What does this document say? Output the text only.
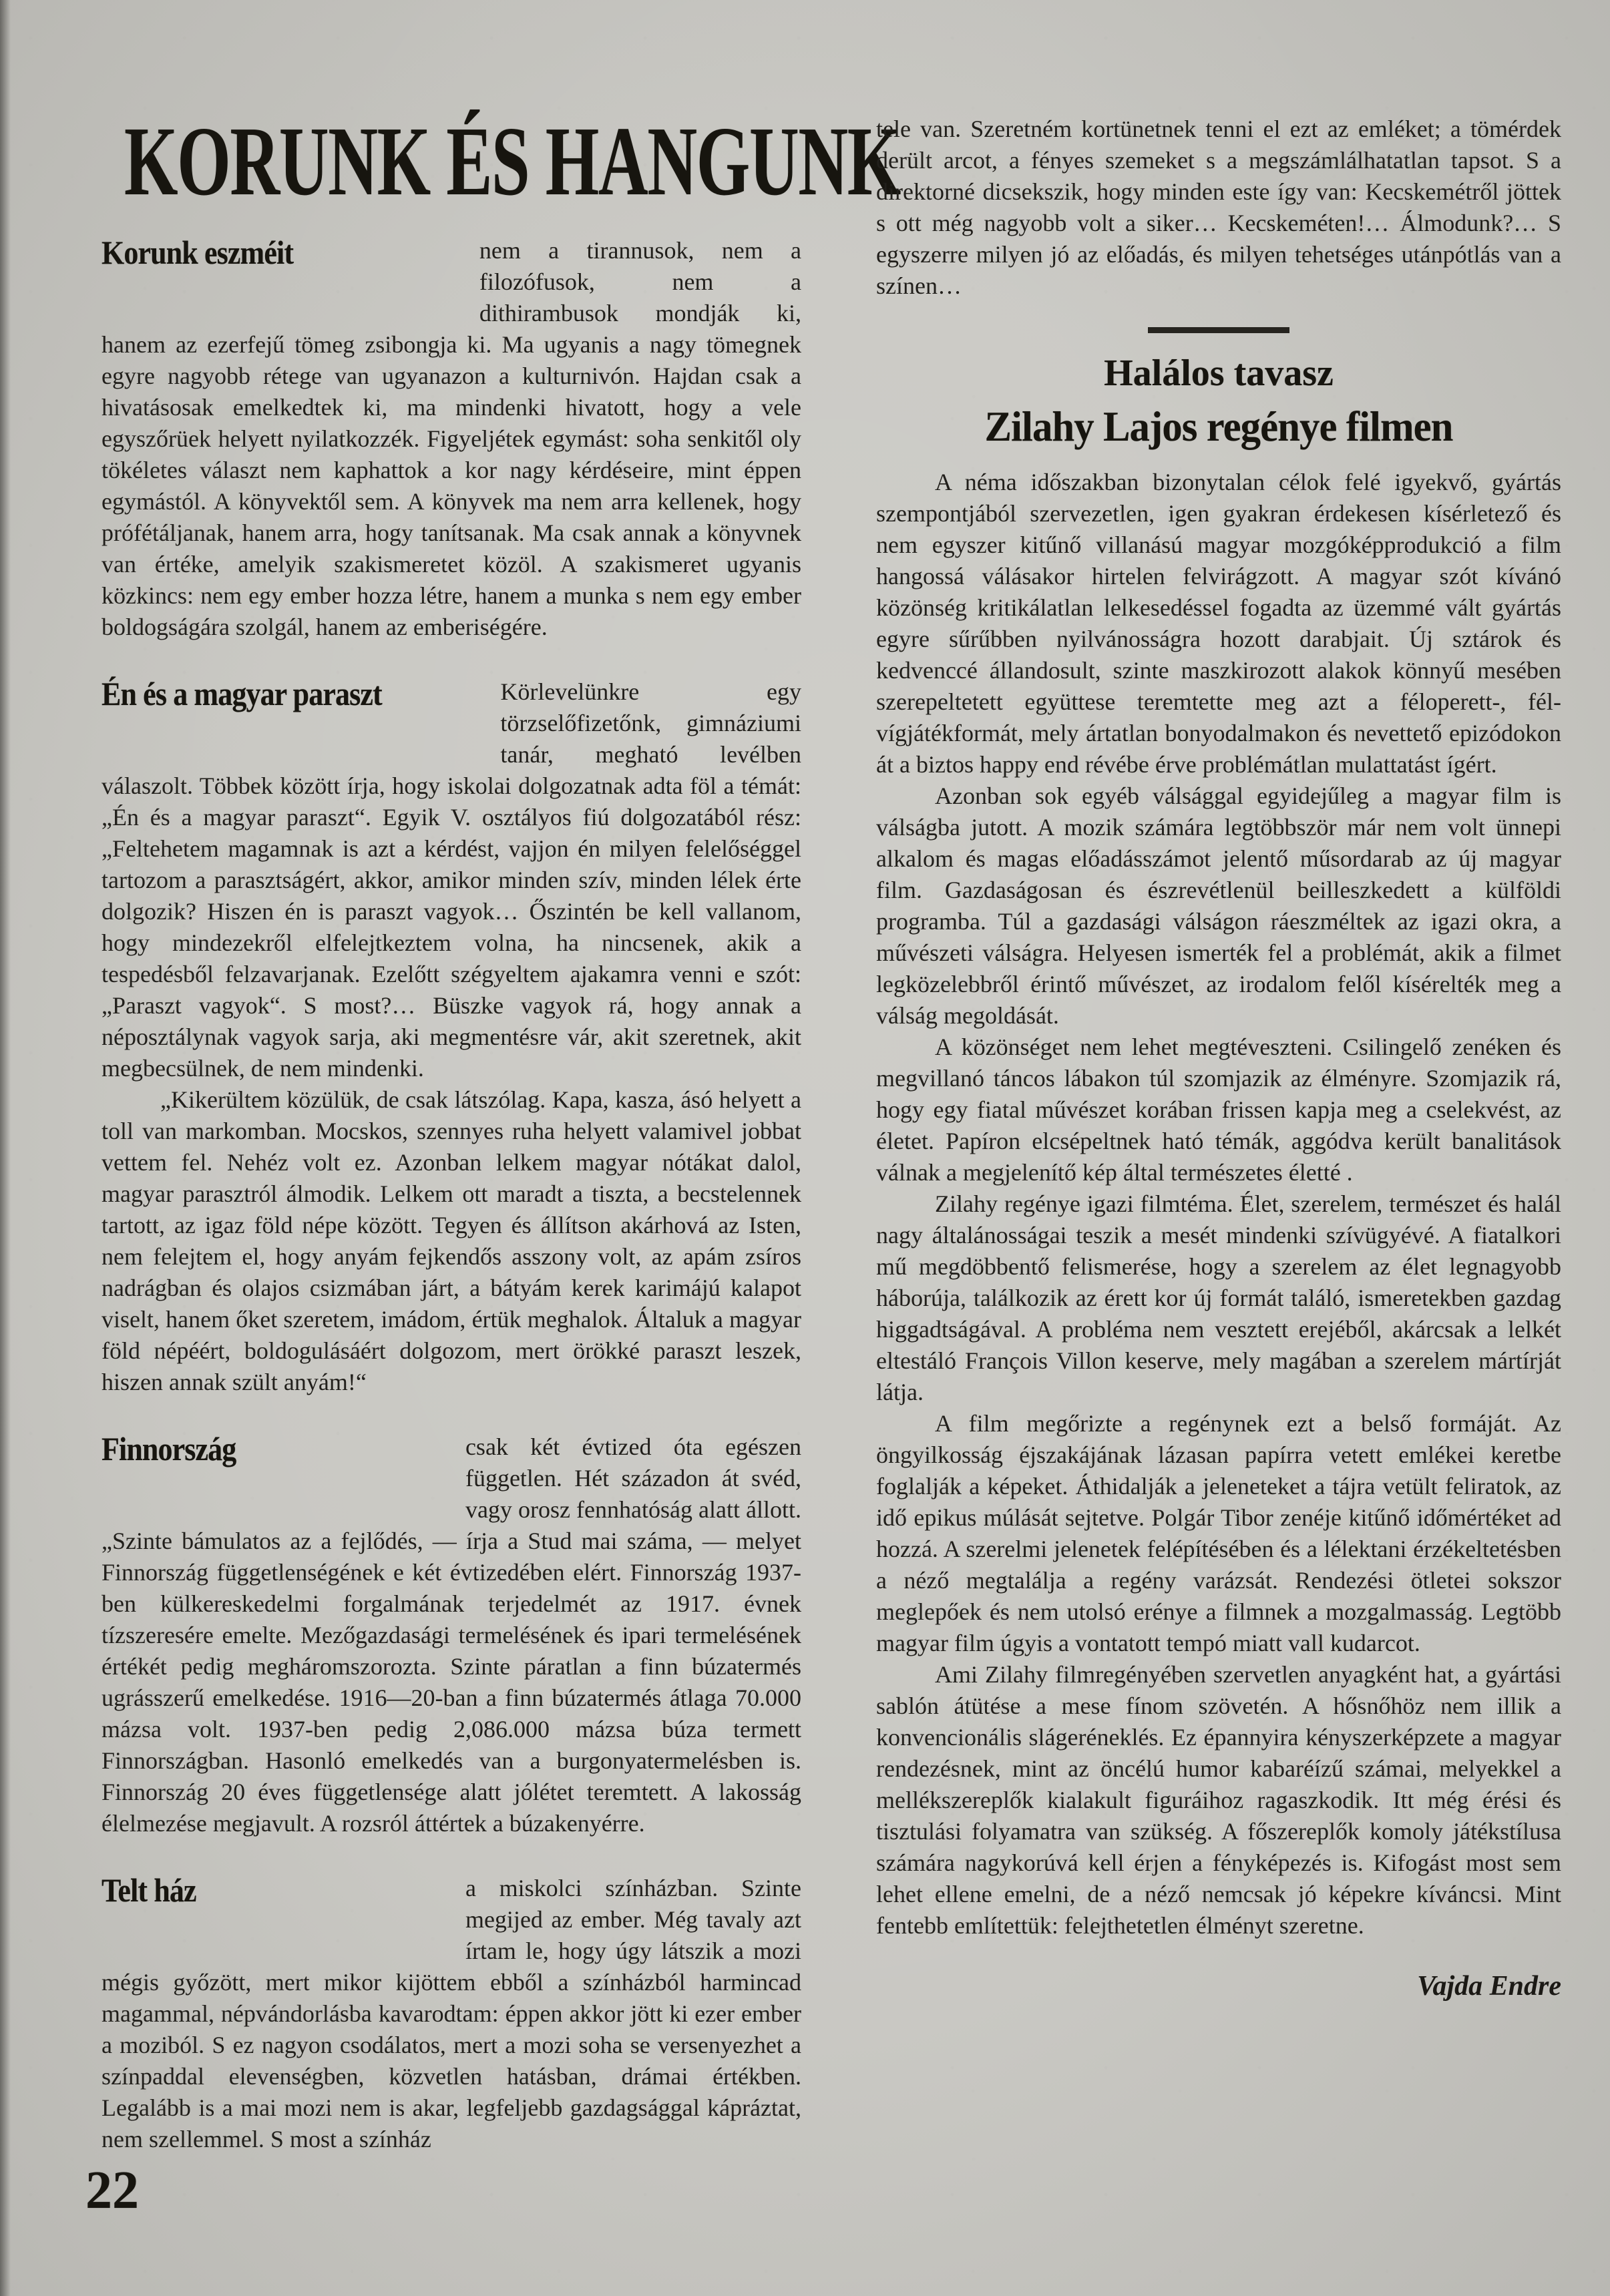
KORUNK ÉS HANGUNK
Korunk eszméit	nem a tirannusok, nem a filozófusok, nem a dithirambusok mondják ki, hanem az ezerfejű tömeg zsibongja ki. Ma ugyanis a nagy tömegnek egyre nagyobb rétege van ugyanazon a kulturnivón. Hajdan csak a hivatásosak emelkedtek ki, ma mindenki hivatott, hogy a vele egyszőrüek helyett nyilatkozzék. Figyeljétek egymást: soha senkitől oly tökéletes választ nem kaphattok a kor nagy kérdéseire, mint éppen egymástól. A könyvektől sem. A könyvek ma nem arra kellenek, hogy prófétáljanak, hanem arra, hogy tanítsanak. Ma csak annak a könyvnek van értéke, amelyik szakismeretet közöl. A szakismeret ugyanis közkincs: nem egy ember hozza létre, hanem a munka s nem egy ember boldogságára szolgál, hanem az emberiségére.

Én és a magyar paraszt	Körlevelünkre egy törzselőfizetőnk, gimnáziumi tanár, megható levélben válaszolt. Többek között írja, hogy iskolai dolgozatnak adta föl a témát: „Én és a magyar paraszt“. Egyik V. osztályos fiú dolgozatából rész: „Feltehetem magamnak is azt a kérdést, vajjon én milyen felelőséggel tartozom a parasztságért, akkor, amikor minden szív, minden lélek érte dolgozik? Hiszen én is paraszt vagyok… Őszintén be kell vallanom, hogy mindezekről elfelejtkeztem volna, ha nincsenek, akik a tespedésből felzavarjanak. Ezelőtt szégyeltem ajakamra venni e szót: „Paraszt vagyok“. S most?… Büszke vagyok rá, hogy annak a néposztálynak vagyok sarja, aki megmentésre vár, akit szeretnek, akit megbecsülnek, de nem mindenki.

„Kikerültem közülük, de csak látszólag. Kapa, kasza, ásó helyett a toll van markomban. Mocskos, szennyes ruha helyett valamivel jobbat vettem fel. Nehéz volt ez. Azonban lelkem magyar nótákat dalol, magyar parasztról álmodik. Lelkem ott maradt a tiszta, a becstelennek tartott, az igaz föld népe között. Tegyen és állítson akárhová az Isten, nem felejtem el, hogy anyám fejkendős asszony volt, az apám zsíros nadrágban és olajos csizmában járt, a bátyám kerek karimájú kalapot viselt, hanem őket szeretem, imádom, értük meghalok. Általuk a magyar föld népéért, boldogulásáért dolgozom, mert örökké paraszt leszek, hiszen annak szült anyám!“

Finnország	csak két évtized óta egészen független. Hét századon át svéd, vagy orosz fennhatóság alatt állott. „Szinte bámulatos az a fejlődés, — írja a Stud mai száma, — melyet Finnország függetlenségének e két évtizedében elért. Finnország 1937-ben külkereskedelmi forgalmának terjedelmét az 1917. évnek tízszeresére emelte. Mezőgazdasági termelésének és ipari termelésének értékét pedig megháromszorozta. Szinte páratlan a finn búzatermés ugrásszerű emelkedése. 1916—20-ban a finn búzatermés átlaga 70.000 mázsa volt. 1937-ben pedig 2,086.000 mázsa búza termett Finnországban. Hasonló emelkedés van a burgonyatermelésben is. Finnország 20 éves függetlensége alatt jólétet teremtett. A lakosság élelmezése megjavult. A rozsról áttértek a búzakenyérre.

Telt ház	a miskolci színházban. Szinte megijed az ember. Még tavaly azt írtam le, hogy úgy látszik a mozi mégis győzött, mert mikor kijöttem ebből a színházból harmincad magammal, népvándorlásba kavarodtam: éppen akkor jött ki ezer ember a moziból. S ez nagyon csodálatos, mert a mozi soha se versenyezhet a színpaddal elevenségben, közvetlen hatásban, drámai értékben. Legalább is a mai mozi nem is akar, legfeljebb gazdagsággal kápráztat, nem szellemmel. S most a színház

tele van. Szeretném kortünetnek tenni el ezt az emléket; a tömérdek derült arcot, a fényes szemeket s a megszámlálhatatlan tapsot. S a direktorné dicsekszik, hogy minden este így van: Kecskemétről jöttek s ott még nagyobb volt a siker… Kecskeméten!… Álmodunk?… S egyszerre milyen jó az előadás, és milyen tehetséges utánpótlás van a színen…

Halálos tavasz
Zilahy Lajos regénye filmen

A néma időszakban bizonytalan célok felé igyekvő, gyártás szempontjából szervezetlen, igen gyakran érdekesen kísérletező és nem egyszer kitűnő villanású magyar mozgóképprodukció a film hangossá válásakor hirtelen felvirágzott. A magyar szót kívánó közönség kritikálatlan lelkesedéssel fogadta az üzemmé vált gyártás egyre sűrűbben nyilvánosságra hozott darabjait. Új sztárok és kedvenccé állandosult, szinte maszkirozott alakok könnyű mesében szerepeltetett együttese teremtette meg azt a féloperett-, fél-vígjátékformát, mely ártatlan bonyodalmakon és nevettető epizódokon át a biztos happy end révébe érve problémátlan mulattatást ígért.

Azonban sok egyéb válsággal egyidejűleg a magyar film is válságba jutott. A mozik számára legtöbbször már nem volt ünnepi alkalom és magas előadásszámot jelentő műsordarab az új magyar film. Gazdaságosan és észrevétlenül beilleszkedett a külföldi programba. Túl a gazdasági válságon ráeszméltek az igazi okra, a művészeti válságra. Helyesen ismerték fel a problémát, akik a filmet legközelebbről érintő művészet, az irodalom felől kísérelték meg a válság megoldását.

A közönséget nem lehet megtéveszteni. Csilingelő zenéken és megvillanó táncos lábakon túl szomjazik az élményre. Szomjazik rá, hogy egy fiatal művészet korában frissen kapja meg a cselekvést, az életet. Papíron elcsépeltnek ható témák, aggódva került banalitások válnak a megjelenítő kép által természetes életté .

Zilahy regénye igazi filmtéma. Élet, szerelem, természet és halál nagy általánosságai teszik a mesét mindenki szívügyévé. A fiatalkori mű megdöbbentő felismerése, hogy a szerelem az élet legnagyobb háborúja, találkozik az érett kor új formát találó, ismeretekben gazdag higgadtságával. A probléma nem vesztett erejéből, akárcsak a lelkét eltestáló François Villon keserve, mely magában a szerelem mártírját látja.

A film megőrizte a regénynek ezt a belső formáját. Az öngyilkosság éjszakájának lázasan papírra vetett emlékei keretbe foglalják a képeket. Áthidalják a jeleneteket a tájra vetült feliratok, az idő epikus múlását sejtetve. Polgár Tibor zenéje kitűnő időmértéket ad hozzá. A szerelmi jelenetek felépítésében és a lélektani érzékeltetésben a néző megtalálja a regény varázsát. Rendezési ötletei sokszor meglepőek és nem utolsó erénye a filmnek a mozgalmasság. Legtöbb magyar film úgyis a vontatott tempó miatt vall kudarcot.

Ami Zilahy filmregényében szervetlen anyagként hat, a gyártási sablón átütése a mese fínom szövetén. A hősnőhöz nem illik a konvencionális slágeréneklés. Ez épannyira kényszerképzete a magyar rendezésnek, mint az öncélú humor kabaréízű számai, melyekkel a mellékszereplők kialakult figuráihoz ragaszkodik. Itt még érési és tisztulási folyamatra van szükség. A főszereplők komoly játékstílusa számára nagykorúvá kell érjen a fényképezés is. Kifogást most sem lehet ellene emelni, de a néző nemcsak jó képekre kíváncsi. Mint fentebb említettük: felejthetetlen élményt szeretne.

Vajda Endre
22
